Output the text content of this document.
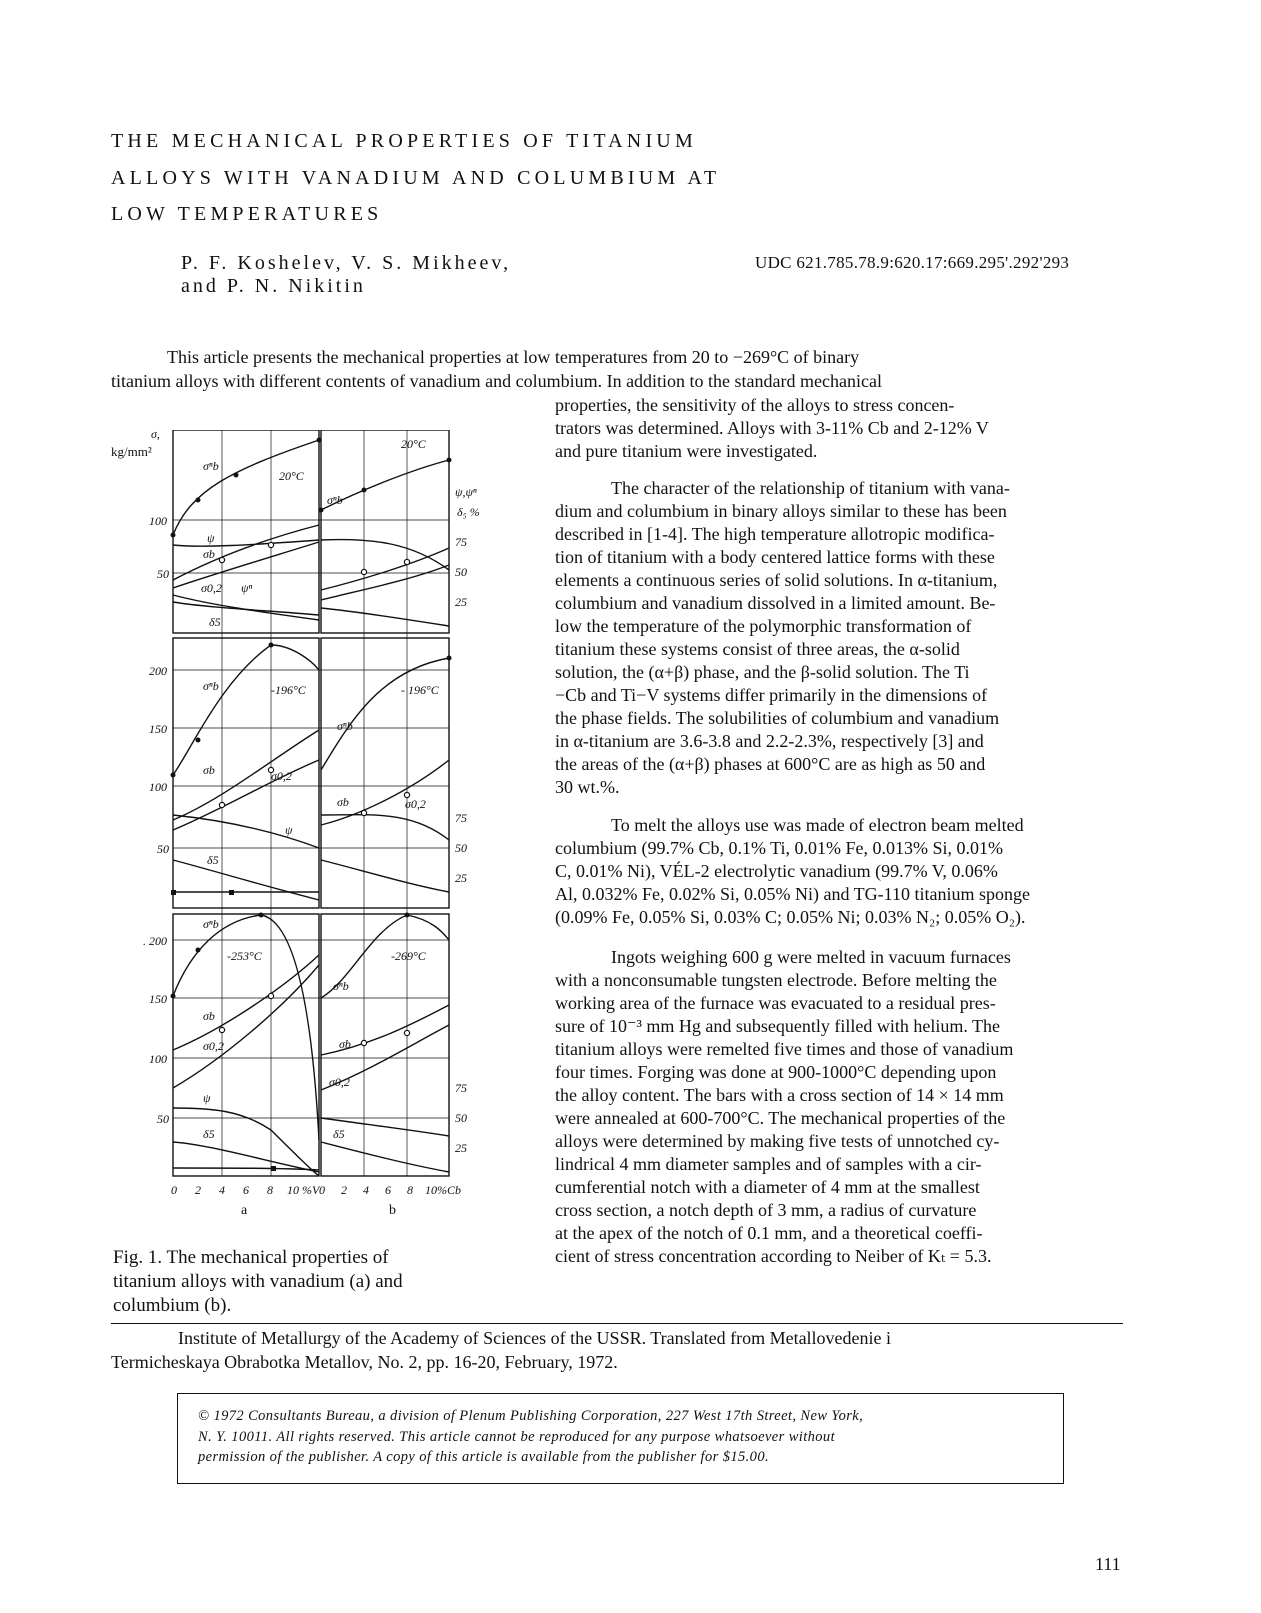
THE MECHANICAL PROPERTIES OF TITANIUM
ALLOYS WITH VANADIUM AND COLUMBIUM AT
LOW TEMPERATURES
P. F. Koshelev, V. S. Mikheev,
and P. N. Nikitin
UDC 621.785.78.9:620.17:669.295'.292'293
This article presents the mechanical properties at low temperatures from 20 to −269°C of binary
titanium alloys with different contents of vanadium and columbium. In addition to the standard mechanical
properties, the sensitivity of the alloys to stress concen-
trators was determined. Alloys with 3-11% Cb and 2-12% V
and pure titanium were investigated.
The character of the relationship of titanium with vana-
dium and columbium in binary alloys similar to these has been
described in [1-4]. The high temperature allotropic modifica-
tion of titanium with a body centered lattice forms with these
elements a continuous series of solid solutions. In α-titanium,
columbium and vanadium dissolved in a limited amount. Be-
low the temperature of the polymorphic transformation of
titanium these systems consist of three areas, the α-solid
solution, the (α+β) phase, and the β-solid solution. The Ti
−Cb and Ti−V systems differ primarily in the dimensions of
the phase fields. The solubilities of columbium and vanadium
in α-titanium are 3.6-3.8 and 2.2-2.3%, respectively [3] and
the areas of the (α+β) phases at 600°C are as high as 50 and
30 wt.%.
To melt the alloys use was made of electron beam melted
columbium (99.7% Cb, 0.1% Ti, 0.01% Fe, 0.013% Si, 0.01%
C, 0.01% Ni), VÉL-2 electrolytic vanadium (99.7% V, 0.06%
Al, 0.032% Fe, 0.02% Si, 0.05% Ni) and TG-110 titanium sponge
(0.09% Fe, 0.05% Si, 0.03% C; 0.05% Ni; 0.03% N₂; 0.05% O₂).
Ingots weighing 600 g were melted in vacuum furnaces
with a nonconsumable tungsten electrode. Before melting the
working area of the furnace was evacuated to a residual pres-
sure of 10⁻³ mm Hg and subsequently filled with helium. The
titanium alloys were remelted five times and those of vanadium
four times. Forging was done at 900-1000°C depending upon
the alloy content. The bars with a cross section of 14 × 14 mm
were annealed at 600-700°C. The mechanical properties of the
alloys were determined by making five tests of unnotched cy-
lindrical 4 mm diameter samples and of samples with a cir-
cumferential notch with a diameter of 4 mm at the smallest
cross section, a notch depth of 3 mm, a radius of curvature
at the apex of the notch of 0.1 mm, and a theoretical coeffi-
cient of stress concentration according to Neiber of Kₜ = 5.3.
σ,
kg/mm²
ψ,ψⁿ
δ₅ %
100
50
200
150
100
50
. 200
150
100
50
75
50
25
75
50
25
75
50
25
20°C
20°C
-196°C	- 196°C
-253°C	-269°C
σⁿb
ψ
σb
σ0,2 ψⁿ
δ5
σⁿb
σⁿb
σb	σ0,2
ψ
δ5
σⁿb
σb	σ0,2
σⁿb
σb
σ0,2
ψ
δ5
σⁿb
σb
σ0,2
δ5
0 2 4 6 8 10 %V 0 2 4 6 8 10%Cb
a	b
Fig. 1. The mechanical properties of
titanium alloys with vanadium (a) and
columbium (b).
Institute of Metallurgy of the Academy of Sciences of the USSR. Translated from Metallovedenie i
Termicheskaya Obrabotka Metallov, No. 2, pp. 16-20, February, 1972.
© 1972 Consultants Bureau, a division of Plenum Publishing Corporation, 227 West 17th Street, New York,
N. Y. 10011. All rights reserved. This article cannot be reproduced for any purpose whatsoever without
permission of the publisher. A copy of this article is available from the publisher for $15.00.
111
